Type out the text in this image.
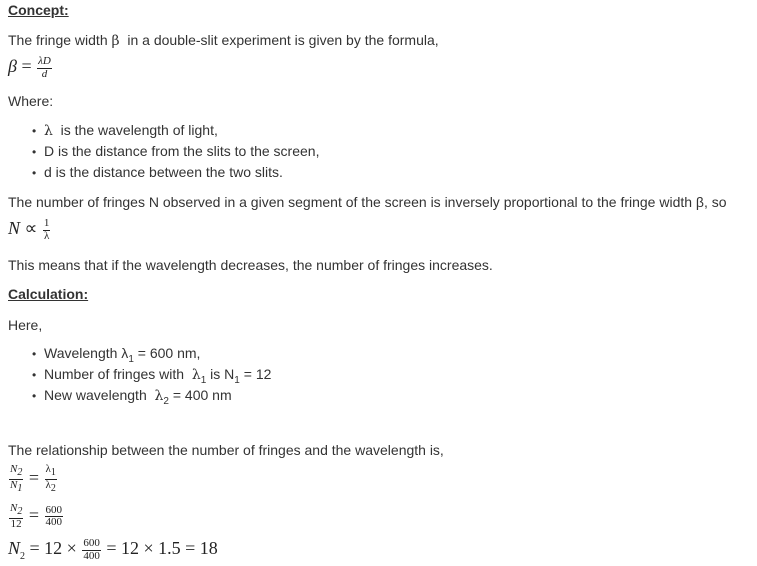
Concept:
The fringe width β in a double-slit experiment is given by the formula,
$\beta = \frac{\lambda D}{d}$
Where:
• λ is the wavelength of light,
• D is the distance from the slits to the screen,
• d is the distance between the two slits.
The number of fringes N observed in a given segment of the screen is inversely proportional to the fringe width β, so
$N \propto \frac{1}{\lambda}$
This means that if the wavelength decreases, the number of fringes increases.
Calculation:
Here,
• Wavelength $\lambda_1 = 600$ nm,
• Number of fringes with $\lambda_1$ is $N_1 = 12$
• New wavelength $\lambda_2 = 400$ nm
The relationship between the number of fringes and the wavelength is,
$\frac{N_2}{N_1} = \frac{\lambda_1}{\lambda_2}$
$\frac{N_2}{12} = \frac{600}{400}$
$N_2 = 12 \times \frac{600}{400} = 12 \times 1.5 = 18$
